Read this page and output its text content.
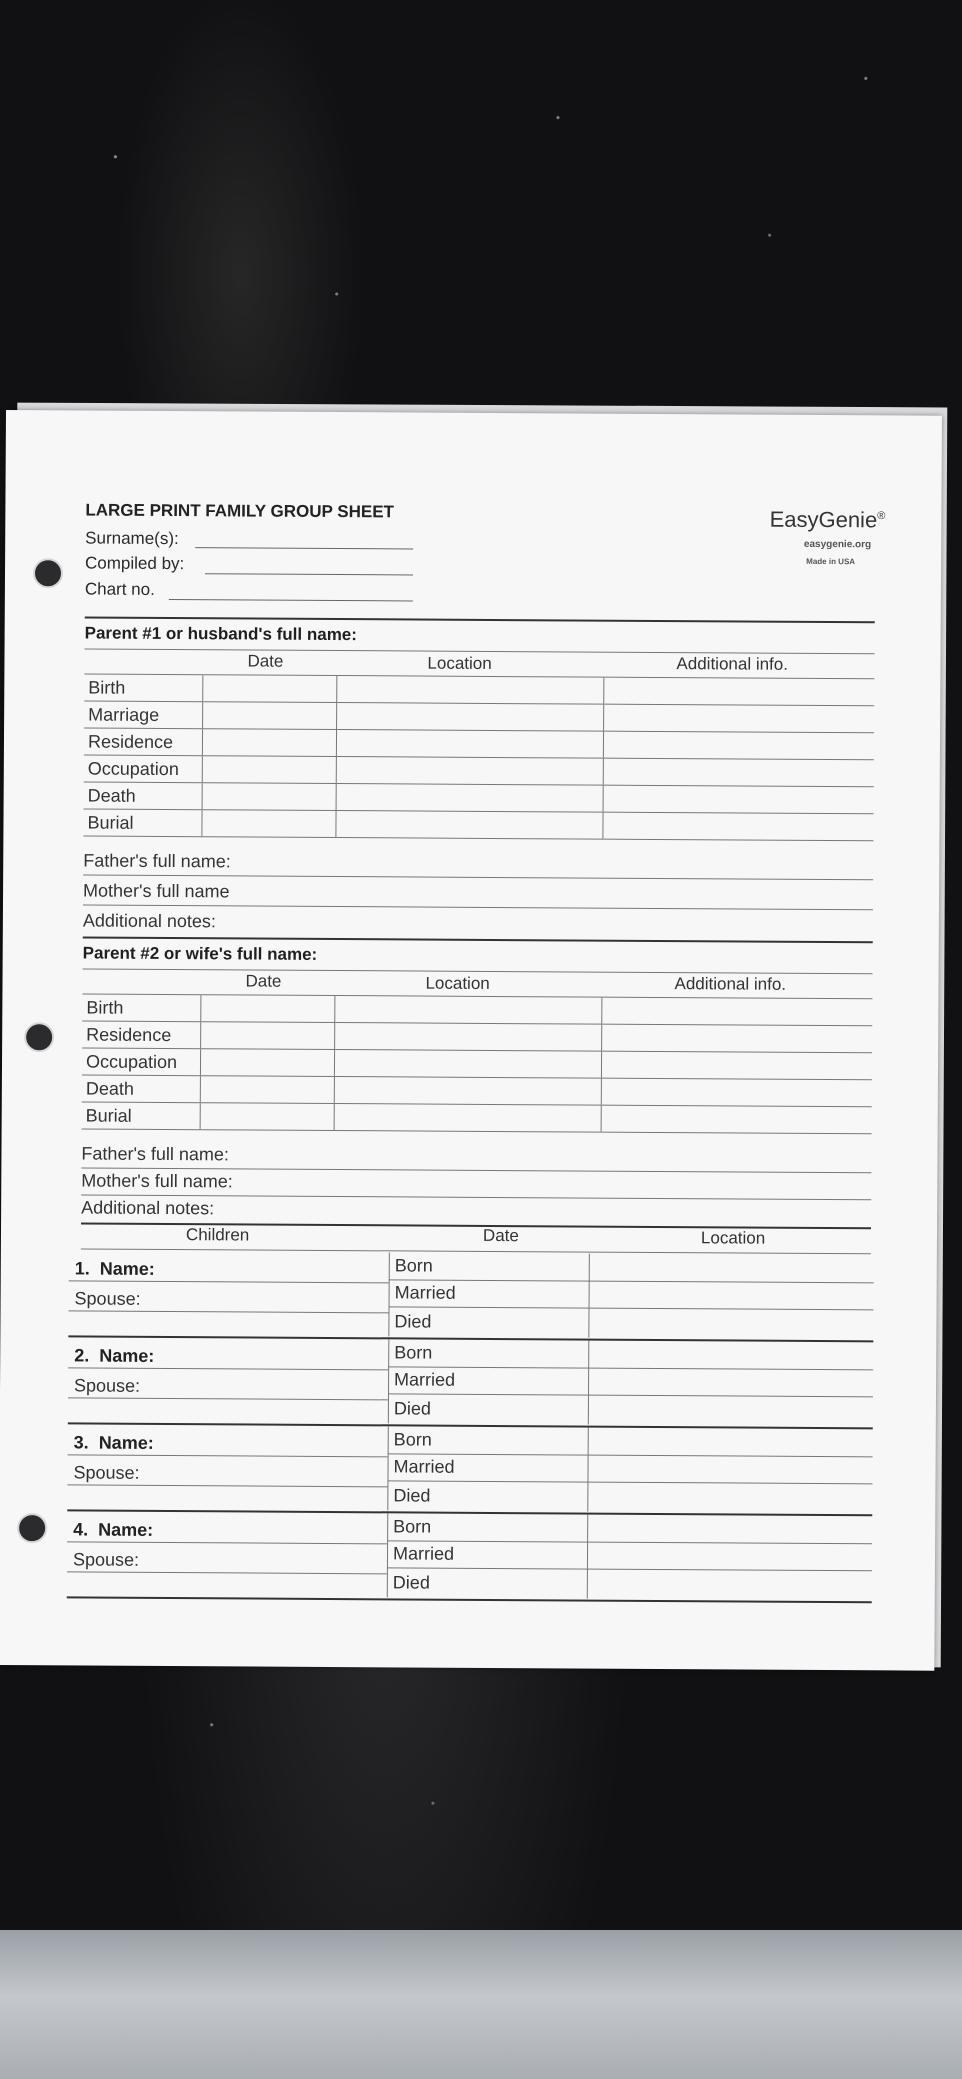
LARGE PRINT FAMILY GROUP SHEET
Surname(s):
Compiled by:
Chart no.
EasyGenie®
easygenie.org
Made in USA
Parent #1 or husband's full name:
Date	Location	Additional info.
Birth			
Marriage			
Residence			
Occupation			
Death			
Burial			
Father's full name:
Mother's full name
Additional notes:
Parent #2 or wife's full name:
Date	Location	Additional info.
Birth			
Residence			
Occupation			
Death			
Burial			
Father's full name:
Mother's full name:
Additional notes:
Children	Date	Location
1. Name:
Spouse:
Born
Married
Died
2. Name:
Spouse:
Born
Married
Died
3. Name:
Spouse:
Born
Married
Died
4. Name:
Spouse:
Born
Married
Died
